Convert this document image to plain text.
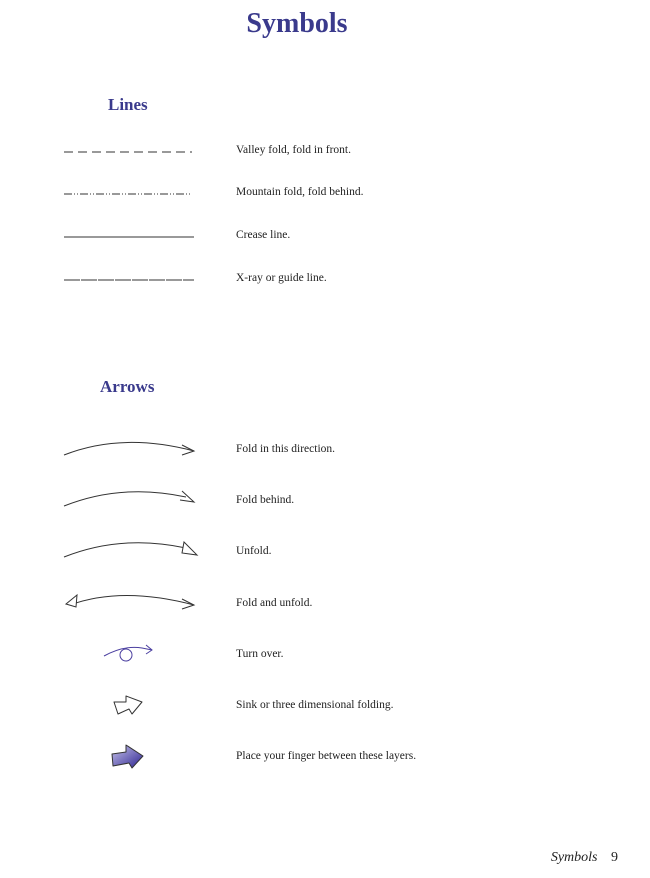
Symbols
Lines
Valley fold, fold in front.
Mountain fold, fold behind.
Crease line.
X-ray or guide line.
Arrows
Fold in this direction.
Fold behind.
Unfold.
Fold and unfold.
Turn over.
Sink or three dimensional folding.
Place your finger between these layers.
Symbols 9
